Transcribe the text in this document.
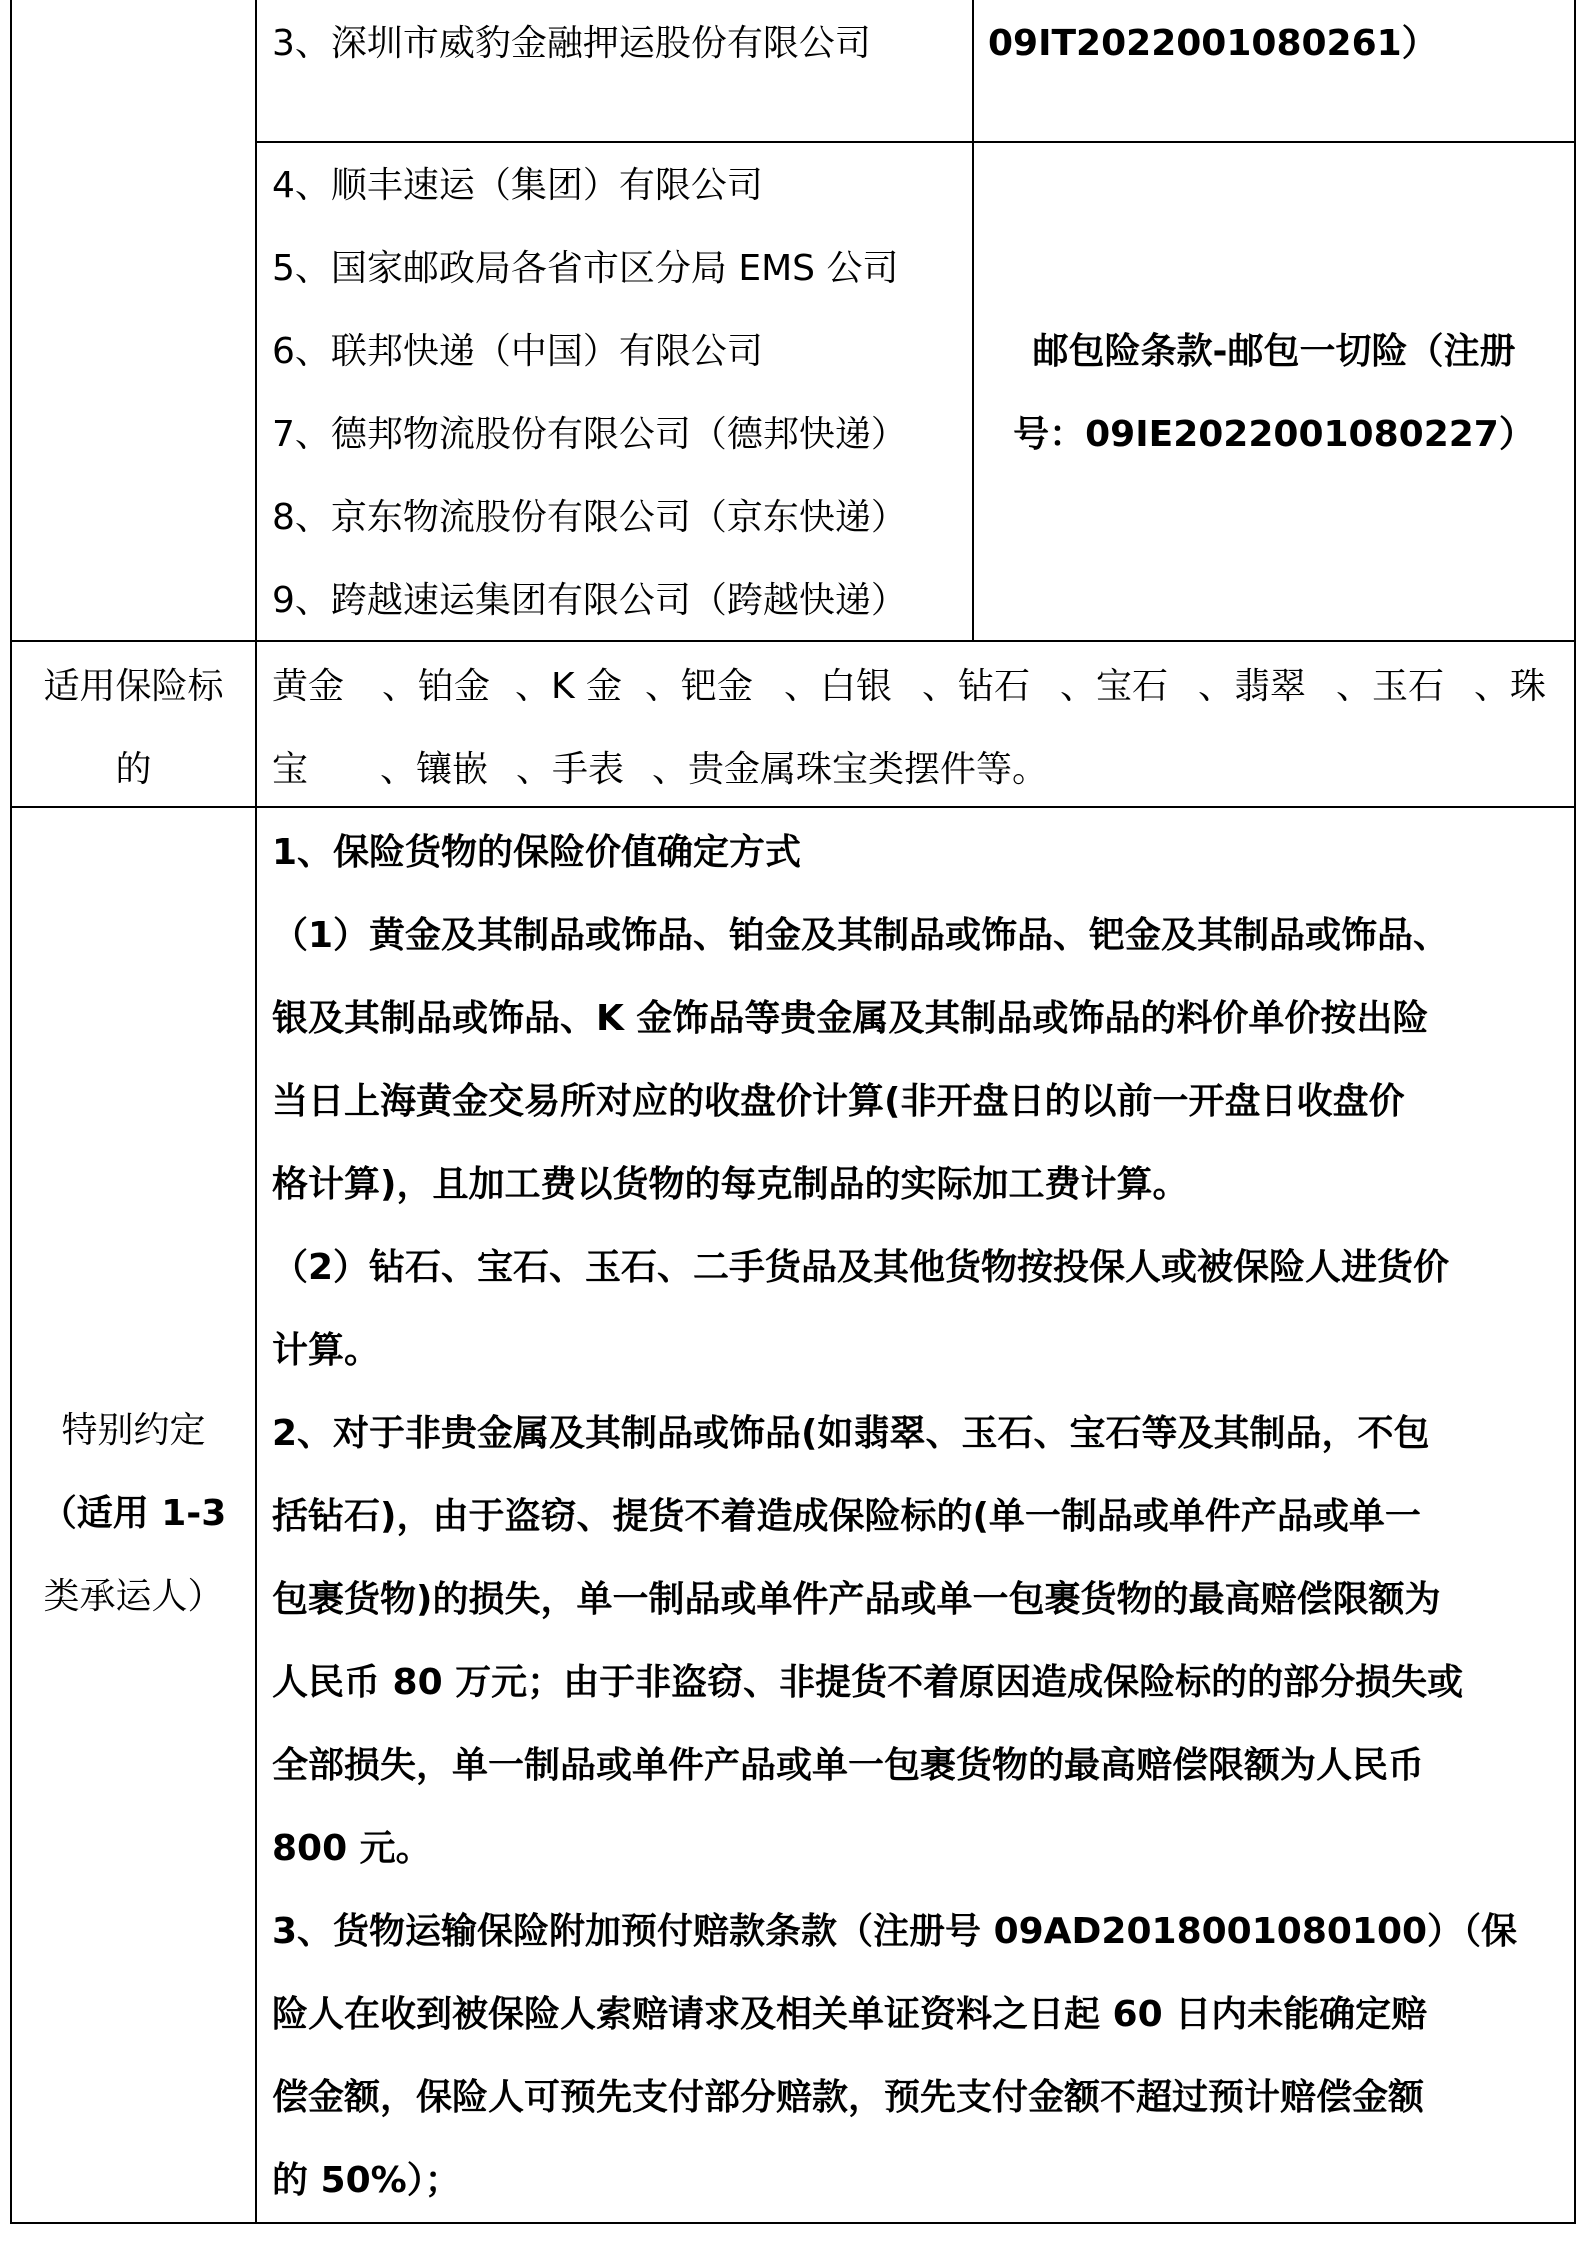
3、深圳市威豹金融押运股份有限公司	09IT2022001080261）
4、顺丰速运（集团）有限公司
5、国家邮政局各省市区分局 EMS 公司
6、联邦快递（中国）有限公司
7、德邦物流股份有限公司（德邦快递）
8、京东物流股份有限公司（京东快递）
9、跨越速运集团有限公司（跨越快递）
邮包险条款-邮包一切险（注册
号：09IE2022001080227）
适用保险标
的
黄金 、铂金 、K 金 、钯金 、白银 、钻石 、宝石 、翡翠 、玉石 、珠
宝 、镶嵌 、手表 、贵金属珠宝类摆件等。
特别约定
（适用 1-3
类承运人）
1、保险货物的保险价值确定方式
（1）黄金及其制品或饰品、铂金及其制品或饰品、钯金及其制品或饰品、
银及其制品或饰品、K 金饰品等贵金属及其制品或饰品的料价单价按出险
当日上海黄金交易所对应的收盘价计算(非开盘日的以前一开盘日收盘价
格计算)，且加工费以货物的每克制品的实际加工费计算。
（2）钻石、宝石、玉石、二手货品及其他货物按投保人或被保险人进货价
计算。
2、对于非贵金属及其制品或饰品(如翡翠、玉石、宝石等及其制品，不包
括钻石)，由于盗窃、提货不着造成保险标的(单一制品或单件产品或单一
包裹货物)的损失，单一制品或单件产品或单一包裹货物的最高赔偿限额为
人民币 80 万元；由于非盗窃、非提货不着原因造成保险标的的部分损失或
全部损失，单一制品或单件产品或单一包裹货物的最高赔偿限额为人民币
800 元。
3、货物运输保险附加预付赔款条款（注册号 09AD2018001080100）（保
险人在收到被保险人索赔请求及相关单证资料之日起 60 日内未能确定赔
偿金额，保险人可预先支付部分赔款，预先支付金额不超过预计赔偿金额
的 50%）；
